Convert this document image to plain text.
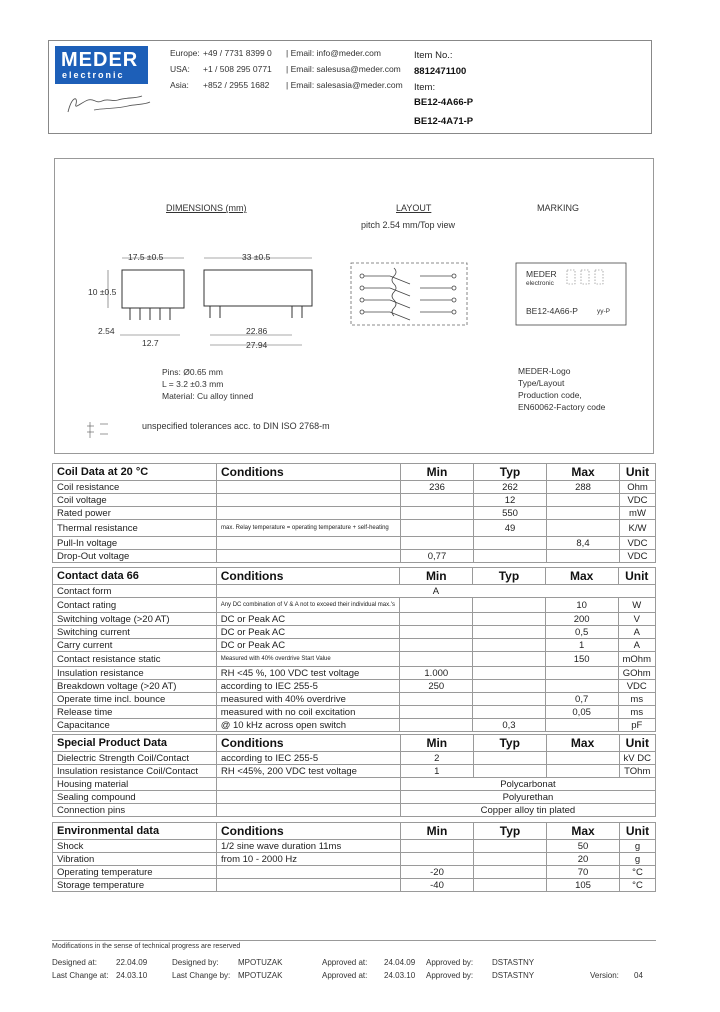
MEDER
electronic
Europe: +49 / 7731 8399 0 | Email: info@meder.com
USA: +1 / 508 295 0771 | Email: salesusa@meder.com
Asia: +852 / 2955 1682 | Email: salesasia@meder.com
Item No.:
8812471100
Item:
BE12-4A66-P
BE12-4A71-P
DIMENSIONS (mm)	LAYOUT
pitch 2.54 mm/Top view
MARKING
17.5 ±0.5	33 ±0.5
10 ±0.5
2.54
12.7
22.86
27.94
Pins: Ø0.65 mm
L = 3.2 ±0.3 mm
Material: Cu alloy tinned
MEDER
electronic
BE12-4A66-P	yy-P
MEDER-Logo
Type/Layout
Production code,
EN60062-Factory code
unspecified tolerances acc. to DIN ISO 2768-m
Coil Data at 20 °C	Conditions	Min	Typ	Max	Unit
Coil resistance		236	262	288	Ohm
Coil voltage			12		VDC
Rated power			550		mW
Thermal resistance	max. Relay temperature = operating temperature + self-heating		49		K/W
Pull-In voltage				8,4	VDC
Drop-Out voltage		0,77			VDC
Contact data 66	Conditions	Min	Typ	Max	Unit
Contact form	A				
Contact rating	Any DC combination of V & A not to exceed their individual max.'s			10	W
Switching voltage (>20 AT)	DC or Peak AC			200	V
Switching current	DC or Peak AC			0,5	A
Carry current	DC or Peak AC			1	A
Contact resistance static	Measured with 40% overdrive Start Value			150	mOhm
Insulation resistance	RH <45 %, 100 VDC test voltage	1.000			GOhm
Breakdown voltage (>20 AT)	according to IEC 255-5	250			VDC
Operate time incl. bounce	measured with 40% overdrive			0,7	ms
Release time	measured with no coil excitation			0,05	ms
Capacitance	@ 10 kHz across open switch		0,3		pF
Special Product Data	Conditions	Min	Typ	Max	Unit
Dielectric Strength Coil/Contact	according to IEC 255-5	2			kV DC
Insulation resistance Coil/Contact	RH <45%, 200 VDC test voltage	1			TOhm
Housing material		Polycarbonat			
Sealing compound		Polyurethan			
Connection pins		Copper alloy tin plated			
Environmental data	Conditions	Min	Typ	Max	Unit
Shock	1/2 sine wave duration 11ms			50	g
Vibration	from 10 - 2000 Hz			20	g
Operating temperature		-20		70	°C
Storage temperature		-40		105	°C
Modifications in the sense of technical progress are reserved
Designed at: 22.04.09	Designed by: MPOTUZAK	Approved at: 24.04.09 Approved by: DSTASTNY
Last Change at: 24.03.10	Last Change by: MPOTUZAK	Approved at: 24.03.10 Approved by: DSTASTNY	Version: 04
